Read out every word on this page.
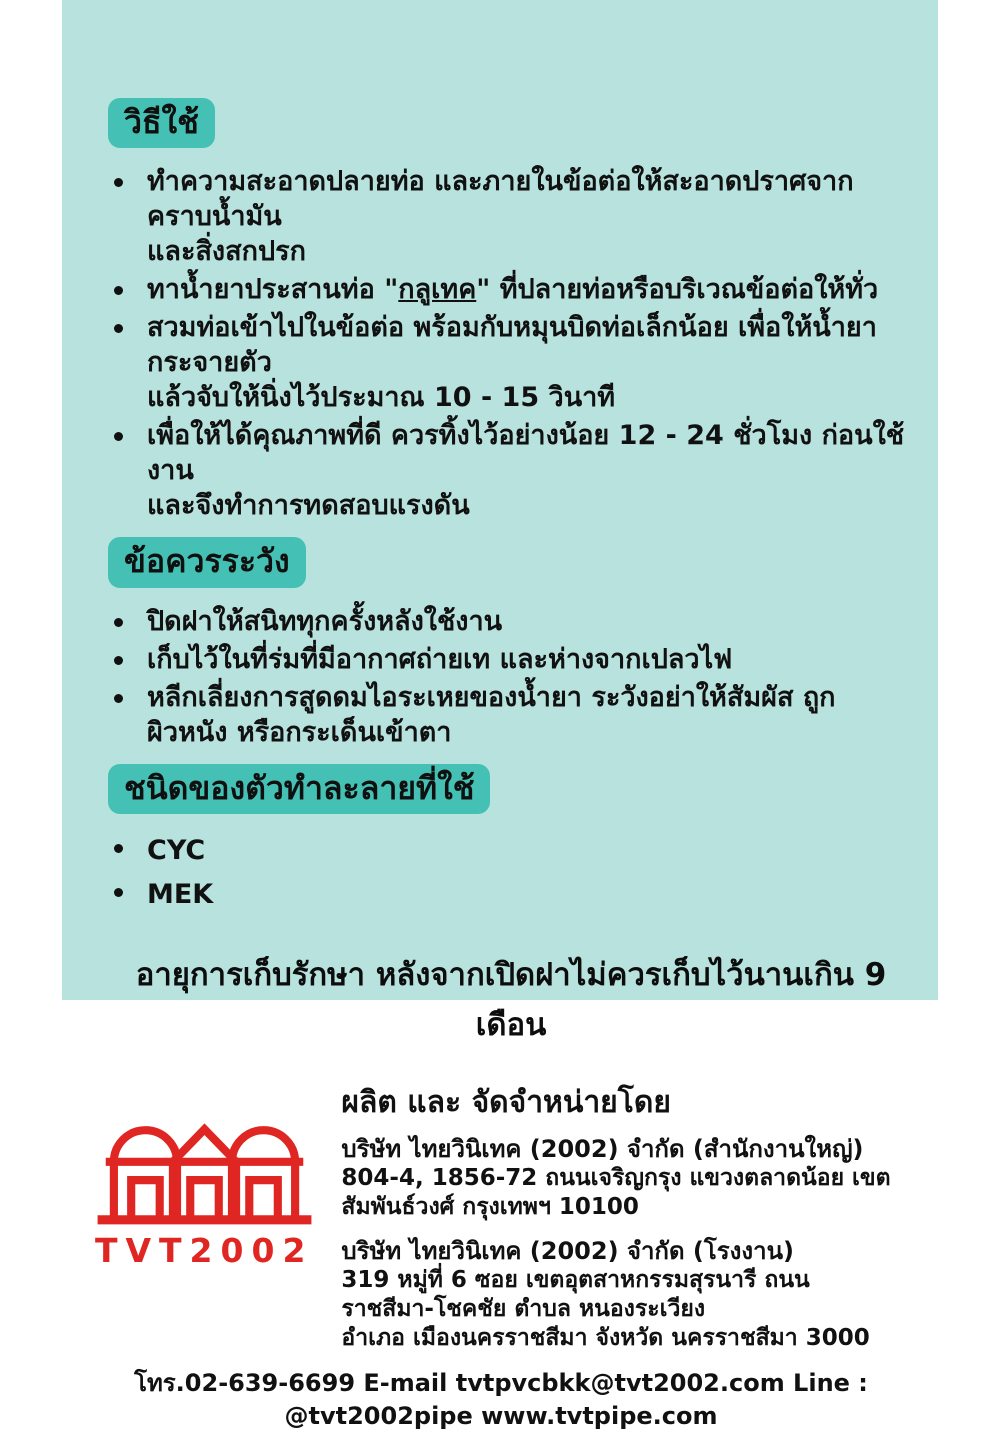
วิธีใช้
ทำความสะอาดปลายท่อ และภายในข้อต่อให้สะอาดปราศจากคราบน้ำมัน
และสิ่งสกปรก
ทาน้ำยาประสานท่อ "กลูเทค" ที่ปลายท่อหรือบริเวณข้อต่อให้ทั่ว
สวมท่อเข้าไปในข้อต่อ พร้อมกับหมุนบิดท่อเล็กน้อย เพื่อให้น้ำยากระจายตัว
แล้วจับให้นิ่งไว้ประมาณ 10 - 15 วินาที
เพื่อให้ได้คุณภาพที่ดี ควรทิ้งไว้อย่างน้อย 12 - 24 ชั่วโมง ก่อนใช้งาน
และจึงทำการทดสอบแรงดัน
ข้อควรระวัง
ปิดฝาให้สนิททุกครั้งหลังใช้งาน
เก็บไว้ในที่ร่มที่มีอากาศถ่ายเท และห่างจากเปลวไฟ
หลีกเลี่ยงการสูดดมไอระเหยของน้ำยา ระวังอย่าให้สัมผัส ถูกผิวหนัง หรือกระเด็นเข้าตา
ชนิดของตัวทำละลายที่ใช้
CYC
MEK
อายุการเก็บรักษา หลังจากเปิดฝาไม่ควรเก็บไว้นานเกิน 9 เดือน
TVT2002
ผลิต และ จัดจำหน่ายโดย
บริษัท ไทยวินิเทค (2002) จำกัด (สำนักงานใหญ่)
804-4, 1856-72 ถนนเจริญกรุง แขวงตลาดน้อย เขตสัมพันธ์วงศ์ กรุงเทพฯ 10100
บริษัท ไทยวินิเทค (2002) จำกัด (โรงงาน)
319 หมู่ที่ 6 ซอย เขตอุตสาหกรรมสุรนารี ถนน ราชสีมา-โชคชัย ตำบล หนองระเวียง
อำเภอ เมืองนครราชสีมา จังหวัด นครราชสีมา 3000
โทร.02-639-6699 E-mail tvtpvcbkk@tvt2002.com Line : @tvt2002pipe www.tvtpipe.com
